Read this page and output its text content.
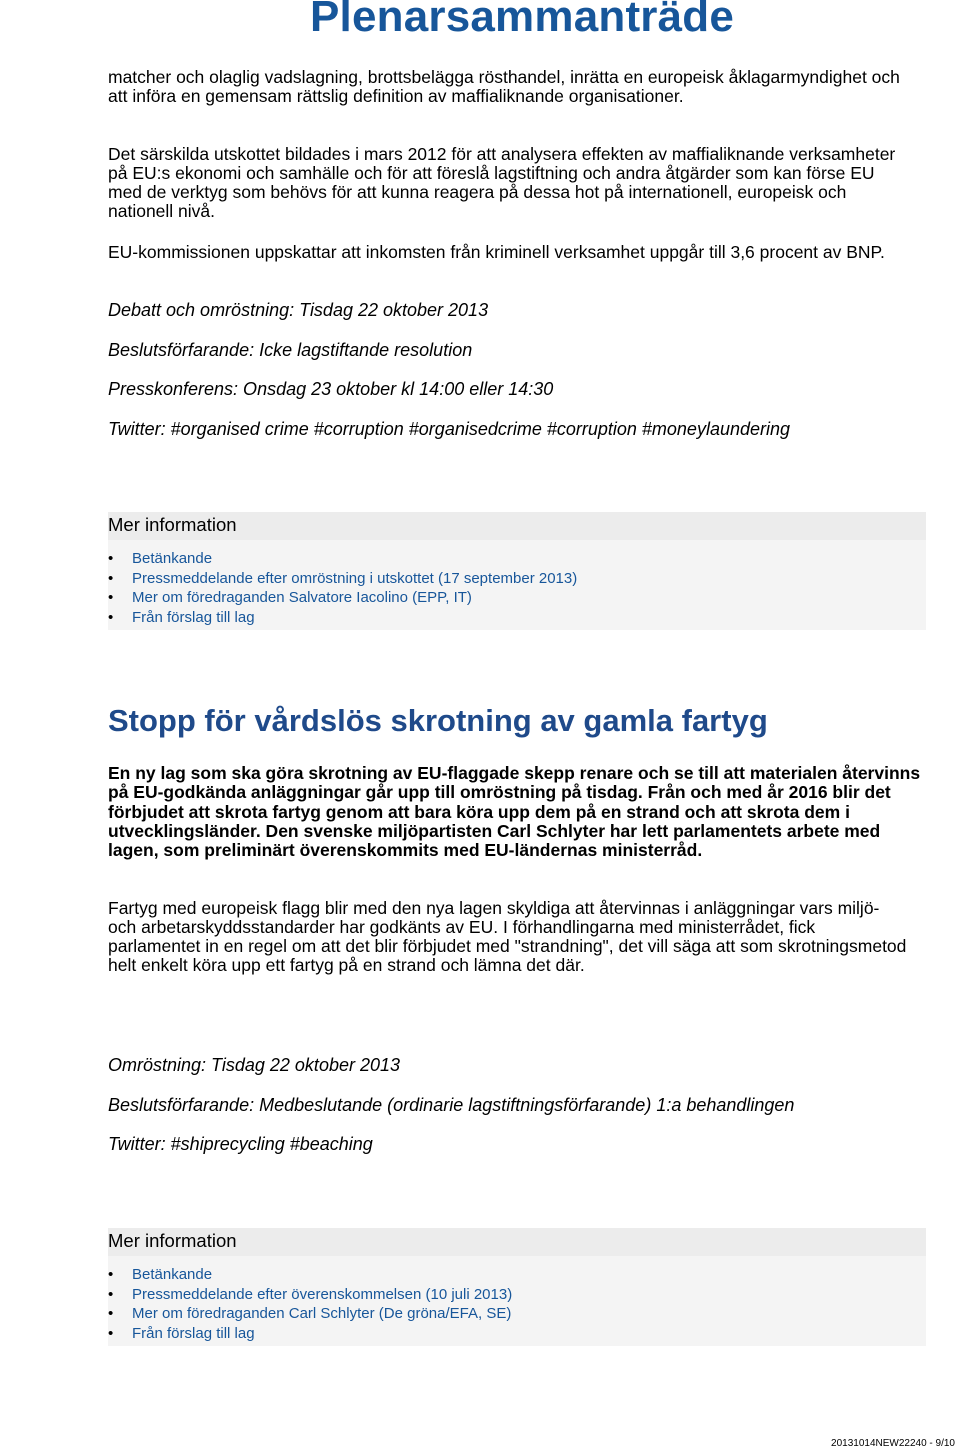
Plenarsammanträde

matcher och olaglig vadslagning, brottsbelägga rösthandel, inrätta en europeisk åklagarmyndighet och att införa en gemensam rättslig definition av maffialiknande organisationer.

Det särskilda utskottet bildades i mars 2012 för att analysera effekten av maffialiknande verksamheter på EU:s ekonomi och samhälle och för att föreslå lagstiftning och andra åtgärder som kan förse EU med de verktyg som behövs för att kunna reagera på dessa hot på internationell, europeisk och nationell nivå.

EU-kommissionen uppskattar att inkomsten från kriminell verksamhet uppgår till 3,6 procent av BNP.

Debatt och omröstning: Tisdag 22 oktober 2013

Beslutsförfarande: Icke lagstiftande resolution

Presskonferens: Onsdag 23 oktober kl 14:00 eller 14:30

Twitter: #organised crime #corruption #organisedcrime #corruption #moneylaundering

Mer information
• Betänkande
• Pressmeddelande efter omröstning i utskottet (17 september 2013)
• Mer om föredraganden Salvatore Iacolino (EPP, IT)
• Från förslag till lag
Stopp för vårdslös skrotning av gamla fartyg

En ny lag som ska göra skrotning av EU-flaggade skepp renare och se till att materialen återvinns på EU-godkända anläggningar går upp till omröstning på tisdag. Från och med år 2016 blir det förbjudet att skrota fartyg genom att bara köra upp dem på en strand och att skrota dem i utvecklingsländer. Den svenske miljöpartisten Carl Schlyter har lett parlamentets arbete med lagen, som preliminärt överenskommits med EU-ländernas ministerråd.

Fartyg med europeisk flagg blir med den nya lagen skyldiga att återvinnas i anläggningar vars miljö- och arbetarskyddsstandarder har godkänts av EU. I förhandlingarna med ministerrådet, fick parlamentet in en regel om att det blir förbjudet med "strandning", det vill säga att som skrotningsmetod helt enkelt köra upp ett fartyg på en strand och lämna det där.

Omröstning: Tisdag 22 oktober 2013

Beslutsförfarande: Medbeslutande (ordinarie lagstiftningsförfarande) 1:a behandlingen

Twitter: #shiprecycling #beaching

Mer information
• Betänkande
• Pressmeddelande efter överenskommelsen (10 juli 2013)
• Mer om föredraganden Carl Schlyter (De gröna/EFA, SE)
• Från förslag till lag
20131014NEW22240 - 9/10
